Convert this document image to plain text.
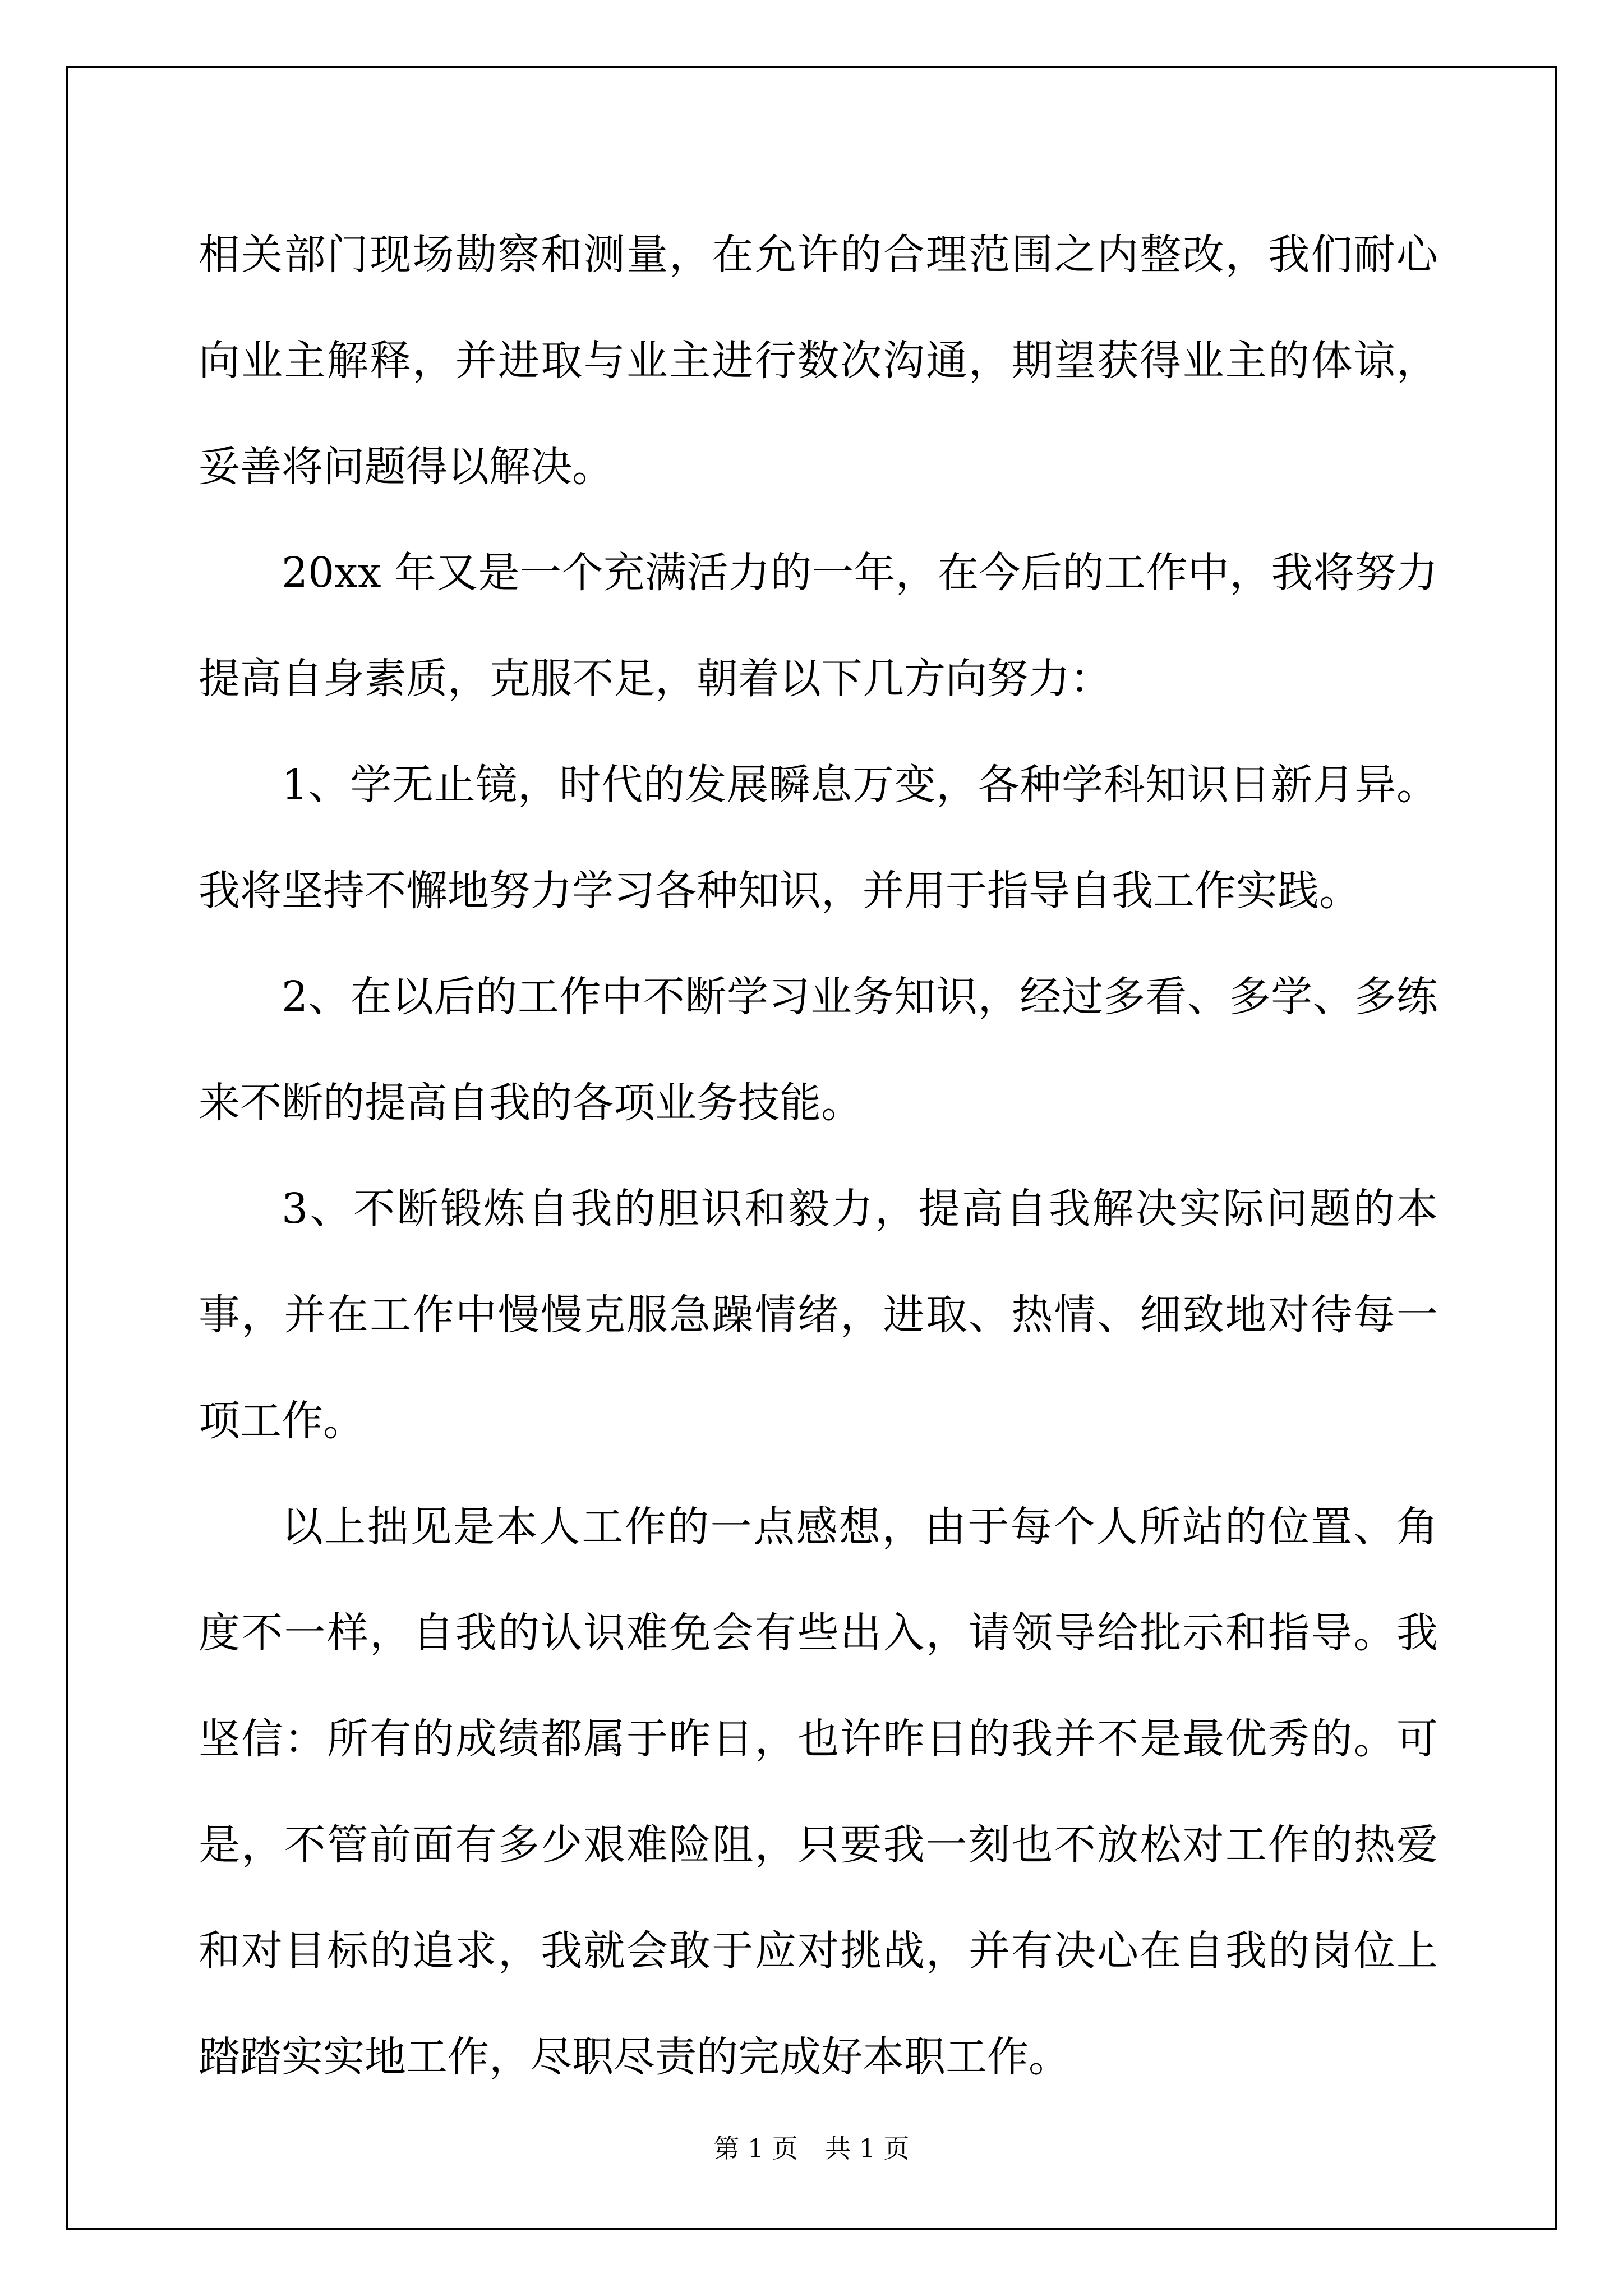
相关部门现场勘察和测量，在允许的合理范围之内整改，我们耐心向业主解释，并进取与业主进行数次沟通，期望获得业主的体谅，妥善将问题得以解决。

20xx 年又是一个充满活力的一年，在今后的工作中，我将努力提高自身素质，克服不足，朝着以下几方向努力：

1、学无止镜，时代的发展瞬息万变，各种学科知识日新月异。我将坚持不懈地努力学习各种知识，并用于指导自我工作实践。

2、在以后的工作中不断学习业务知识，经过多看、多学、多练来不断的提高自我的各项业务技能。

3、不断锻炼自我的胆识和毅力，提高自我解决实际问题的本事，并在工作中慢慢克服急躁情绪，进取、热情、细致地对待每一项工作。

以上拙见是本人工作的一点感想，由于每个人所站的位置、角度不一样，自我的认识难免会有些出入，请领导给批示和指导。我坚信：所有的成绩都属于昨日，也许昨日的我并不是最优秀的。可是，不管前面有多少艰难险阻，只要我一刻也不放松对工作的热爱和对目标的追求，我就会敢于应对挑战，并有决心在自我的岗位上踏踏实实地工作，尽职尽责的完成好本职工作。

第 1 页 共 1 页
